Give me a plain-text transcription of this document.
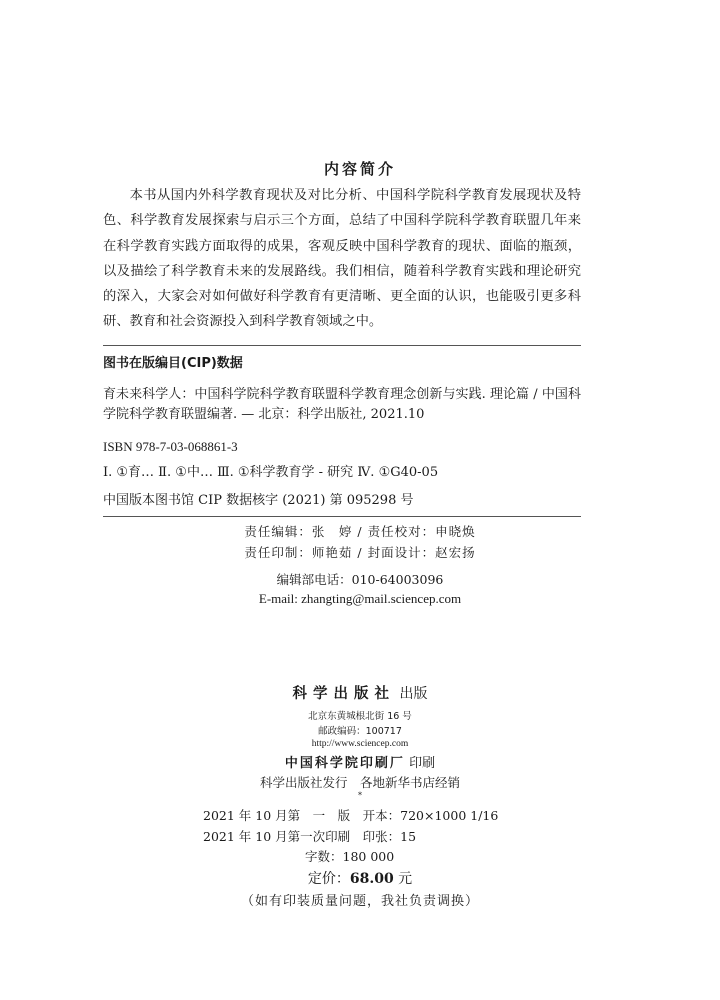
内容简介

本书从国内外科学教育现状及对比分析、中国科学院科学教育发展现状及特色、科学教育发展探索与启示三个方面，总结了中国科学院科学教育联盟几年来在科学教育实践方面取得的成果，客观反映中国科学教育的现状、面临的瓶颈，以及描绘了科学教育未来的发展路线。我们相信，随着科学教育实践和理论研究的深入，大家会对如何做好科学教育有更清晰、更全面的认识，也能吸引更多科研、教育和社会资源投入到科学教育领域之中。

图书在版编目(CIP)数据
育未来科学人：中国科学院科学教育联盟科学教育理念创新与实践. 理论篇 / 中国科学院科学教育联盟编著. — 北京：科学出版社, 2021.10
ISBN 978-7-03-068861-3
Ⅰ. ①育… Ⅱ. ①中… Ⅲ. ①科学教育学 - 研究 Ⅳ. ①G40-05
中国版本图书馆 CIP 数据核字 (2021) 第 095298 号
责任编辑：张　婷 / 责任校对：申晓焕
责任印制：师艳茹 / 封面设计：赵宏扬
编辑部电话：010-64003096
E-mail: zhangting@mail.sciencep.com
科学出版社 出版
北京东黄城根北街 16 号
邮政编码：100717
http://www.sciencep.com
中国科学院印刷厂 印刷
科学出版社发行　各地新华书店经销
*
2021 年 10 月第　一　版　开本：720×1000 1/16
2021 年 10 月第一次印刷　印张：15
字数：180 000
定价：68.00 元
（如有印装质量问题，我社负责调换）
